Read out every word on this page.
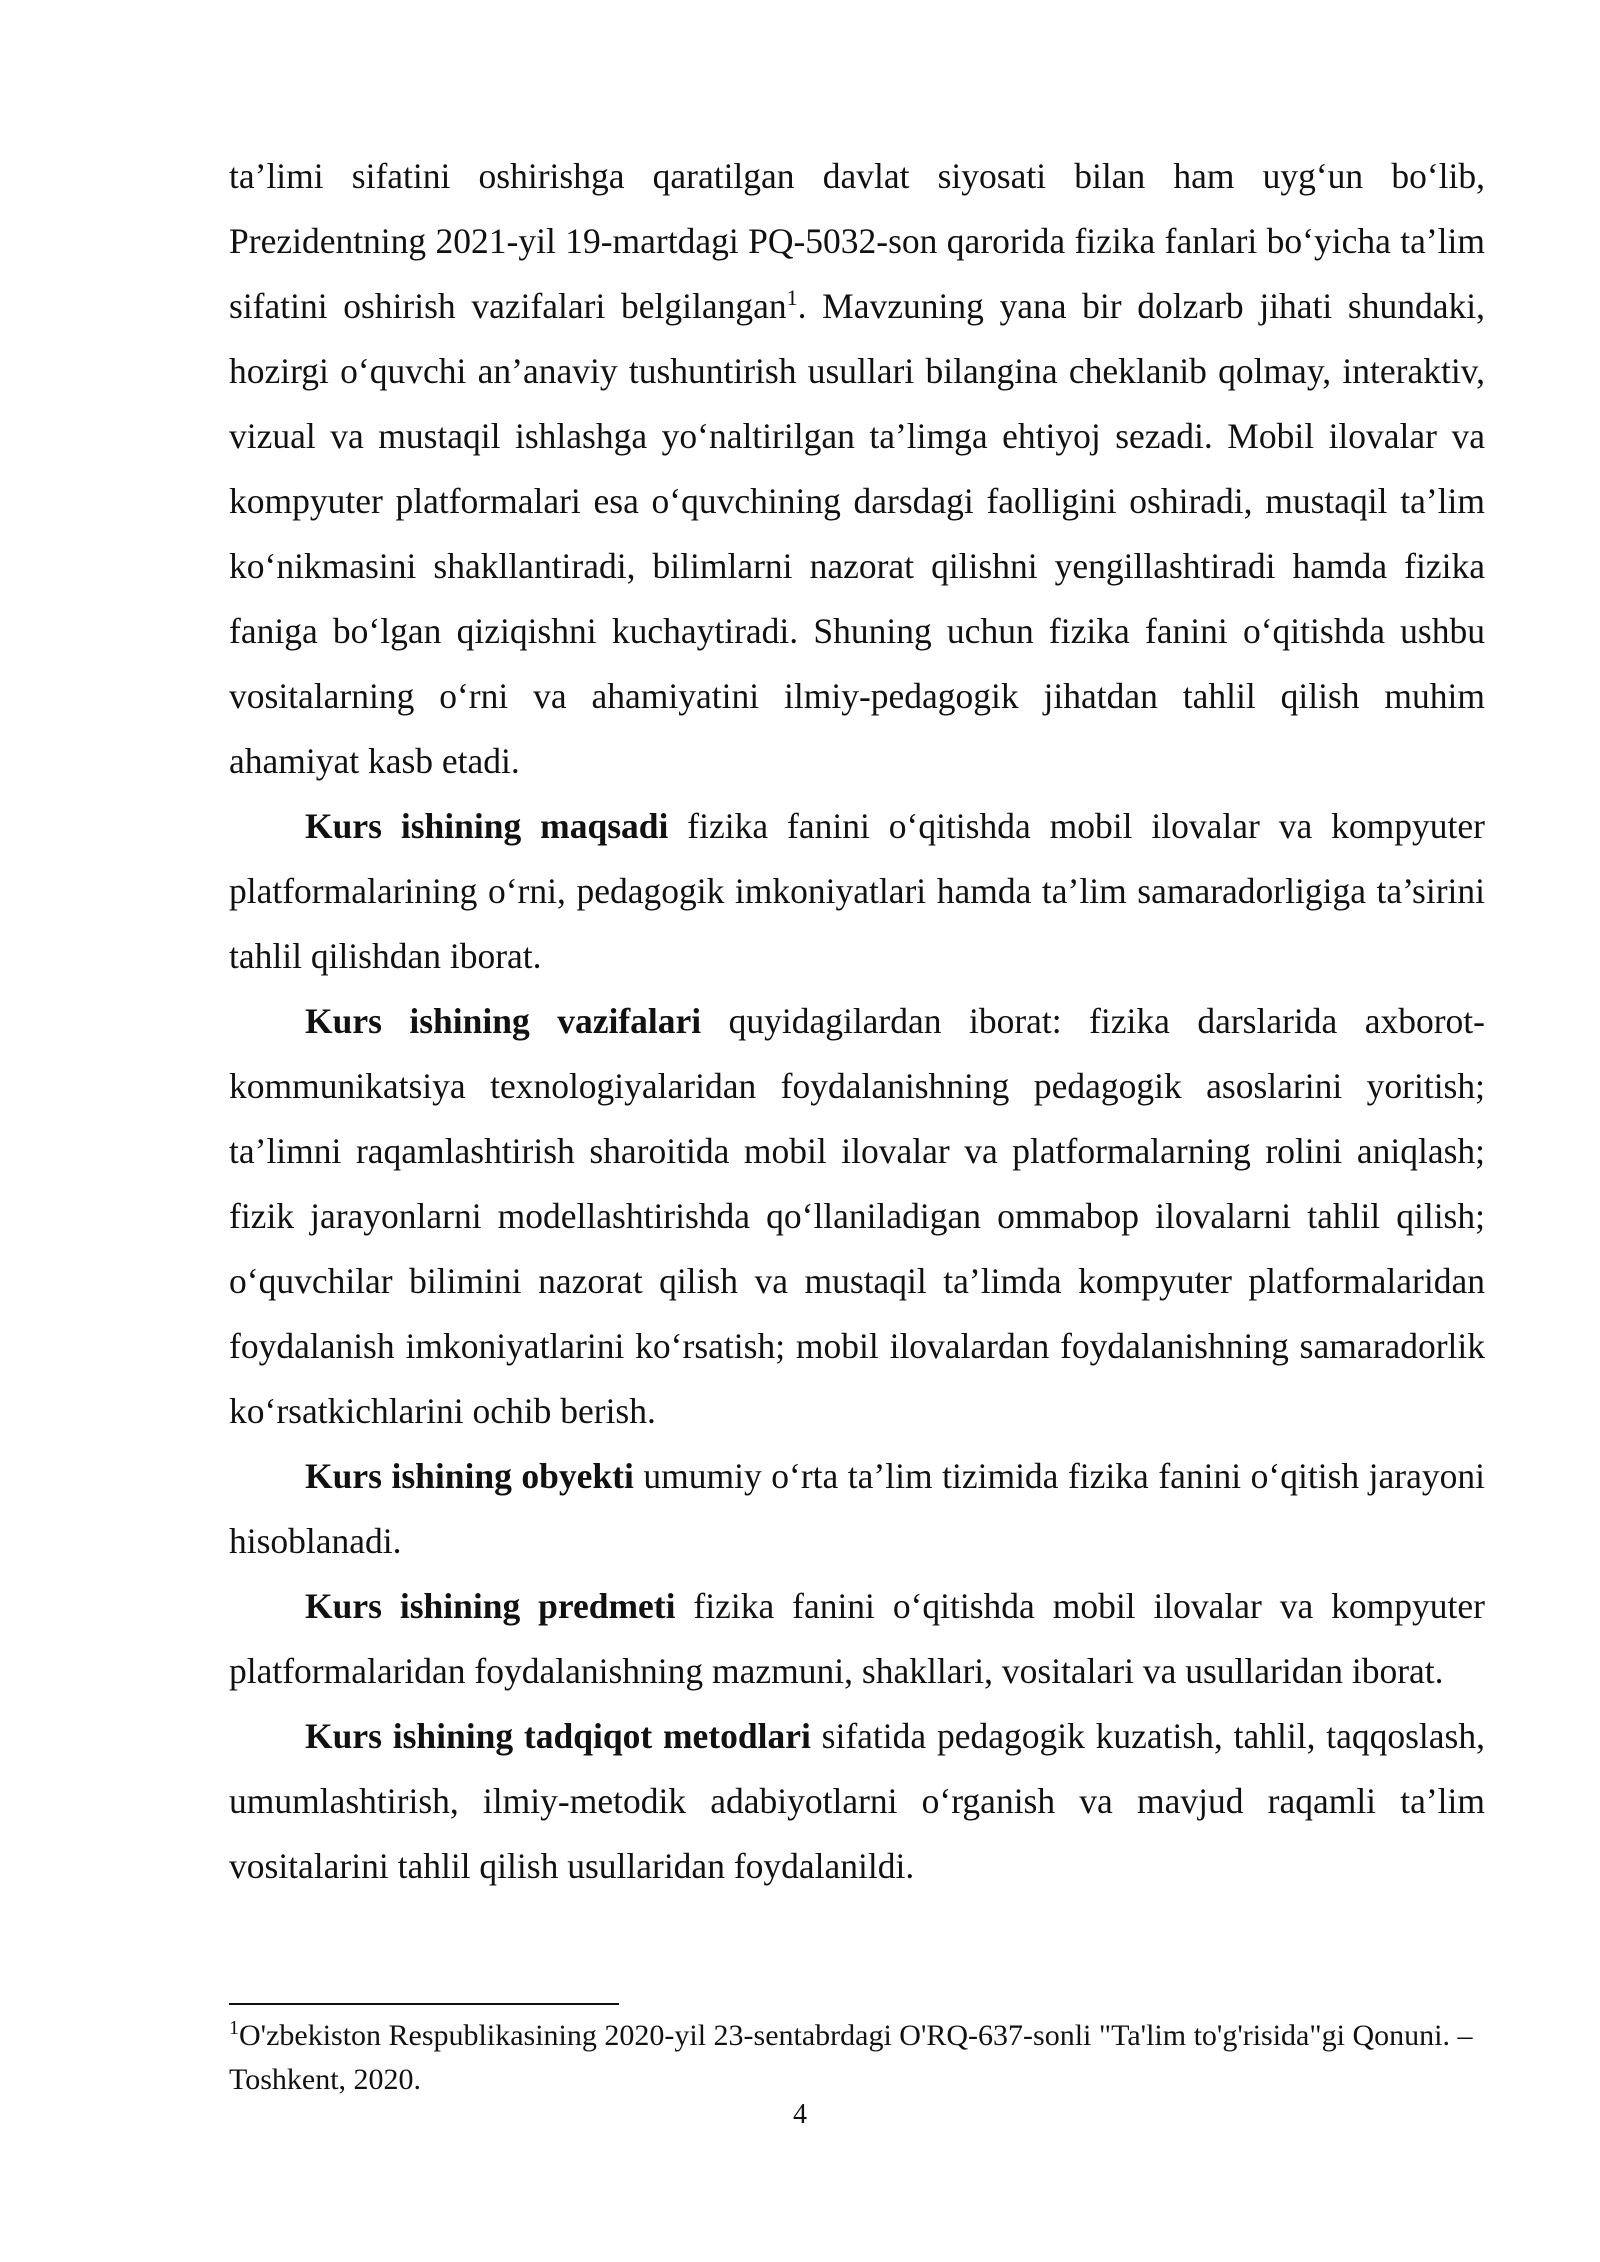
ta’limi sifatini oshirishga qaratilgan davlat siyosati bilan ham uyg‘un bo‘lib, Prezidentning 2021-yil 19-martdagi PQ-5032-son qarorida fizika fanlari bo‘yicha ta’lim sifatini oshirish vazifalari belgilangan$^1$. Mavzuning yana bir dolzarb jihati shundaki, hozirgi o‘quvchi an’anaviy tushuntirish usullari bilangina cheklanib qolmay, interaktiv, vizual va mustaqil ishlashga yo‘naltirilgan ta’limga ehtiyoj sezadi. Mobil ilovalar va kompyuter platformalari esa o‘quvchining darsdagi faolligini oshiradi, mustaqil ta’lim ko‘nikmasini shakllantiradi, bilimlarni nazorat qilishni yengillashtiradi hamda fizika faniga bo‘lgan qiziqishni kuchaytiradi. Shuning uchun fizika fanini o‘qitishda ushbu vositalarning o‘rni va ahamiyatini ilmiy-pedagogik jihatdan tahlil qilish muhim ahamiyat kasb etadi.

Kurs ishining maqsadi fizika fanini o‘qitishda mobil ilovalar va kompyuter platformalarining o‘rni, pedagogik imkoniyatlari hamda ta’lim samaradorligiga ta’sirini tahlil qilishdan iborat.

Kurs ishining vazifalari quyidagilardan iborat: fizika darslarida axborot-kommunikatsiya texnologiyalaridan foydalanishning pedagogik asoslarini yoritish; ta’limni raqamlashtirish sharoitida mobil ilovalar va platformalarning rolini aniqlash; fizik jarayonlarni modellashtirishda qo‘llaniladigan ommabop ilovalarni tahlil qilish; o‘quvchilar bilimini nazorat qilish va mustaqil ta’limda kompyuter platformalaridan foydalanish imkoniyatlarini ko‘rsatish; mobil ilovalardan foydalanishning samaradorlik ko‘rsatkichlarini ochib berish.

Kurs ishining obyekti umumiy o‘rta ta’lim tizimida fizika fanini o‘qitish jarayoni hisoblanadi.

Kurs ishining predmeti fizika fanini o‘qitishda mobil ilovalar va kompyuter platformalaridan foydalanishning mazmuni, shakllari, vositalari va usullaridan iborat.

Kurs ishining tadqiqot metodlari sifatida pedagogik kuzatish, tahlil, taqqoslash, umumlashtirish, ilmiy-metodik adabiyotlarni o‘rganish va mavjud raqamli ta’lim vositalarini tahlil qilish usullaridan foydalanildi.

$^1$O'zbekiston Respublikasining 2020-yil 23-sentabrdagi O'RQ-637-sonli "Ta'lim to'g'risida"gi Qonuni. – Toshkent, 2020.

4
